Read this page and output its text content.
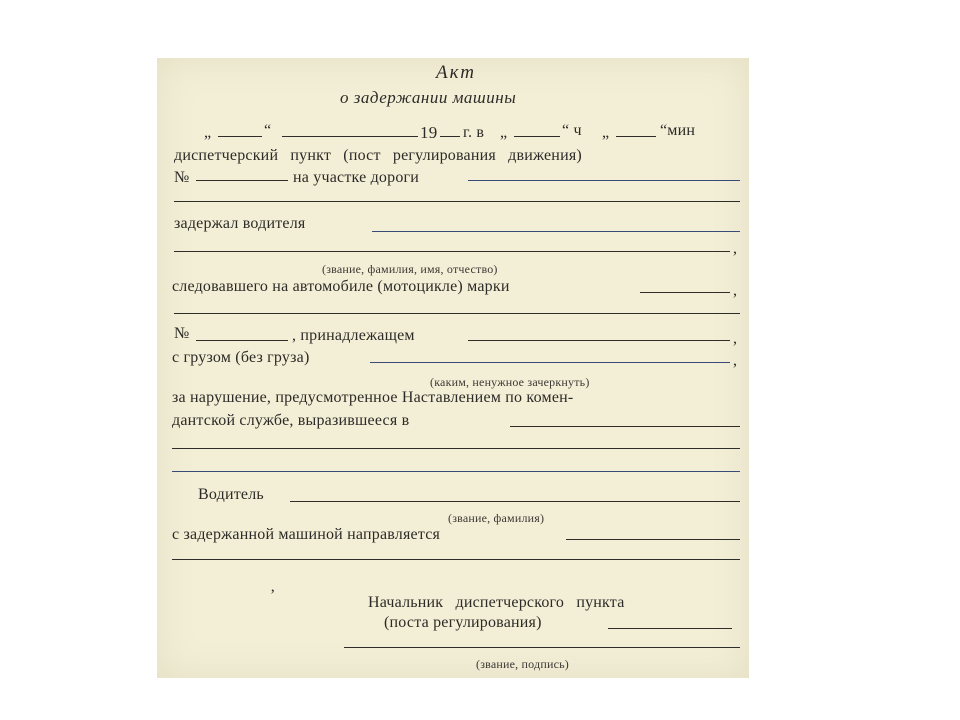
Акт
о задержании машины
„	“	19 г. в „	“ ч „	“мин
диспетчерский пункт (пост регулирования движения)
№	на участке дороги
задержал водителя
,
(звание, фамилия, имя, отчество)
следовавшего на автомобиле (мотоцикле) марки	,
№	, принадлежащем	,
с грузом (без груза)	,
(каким, ненужное зачеркнуть)
за нарушение, предусмотренное Наставлением по комен-
дантской службе, выразившееся в
Водитель
(звание, фамилия)
с задержанной машиной направляется
‚
Начальник диспетчерского пункта
(поста регулирования)
(звание, подпись)
